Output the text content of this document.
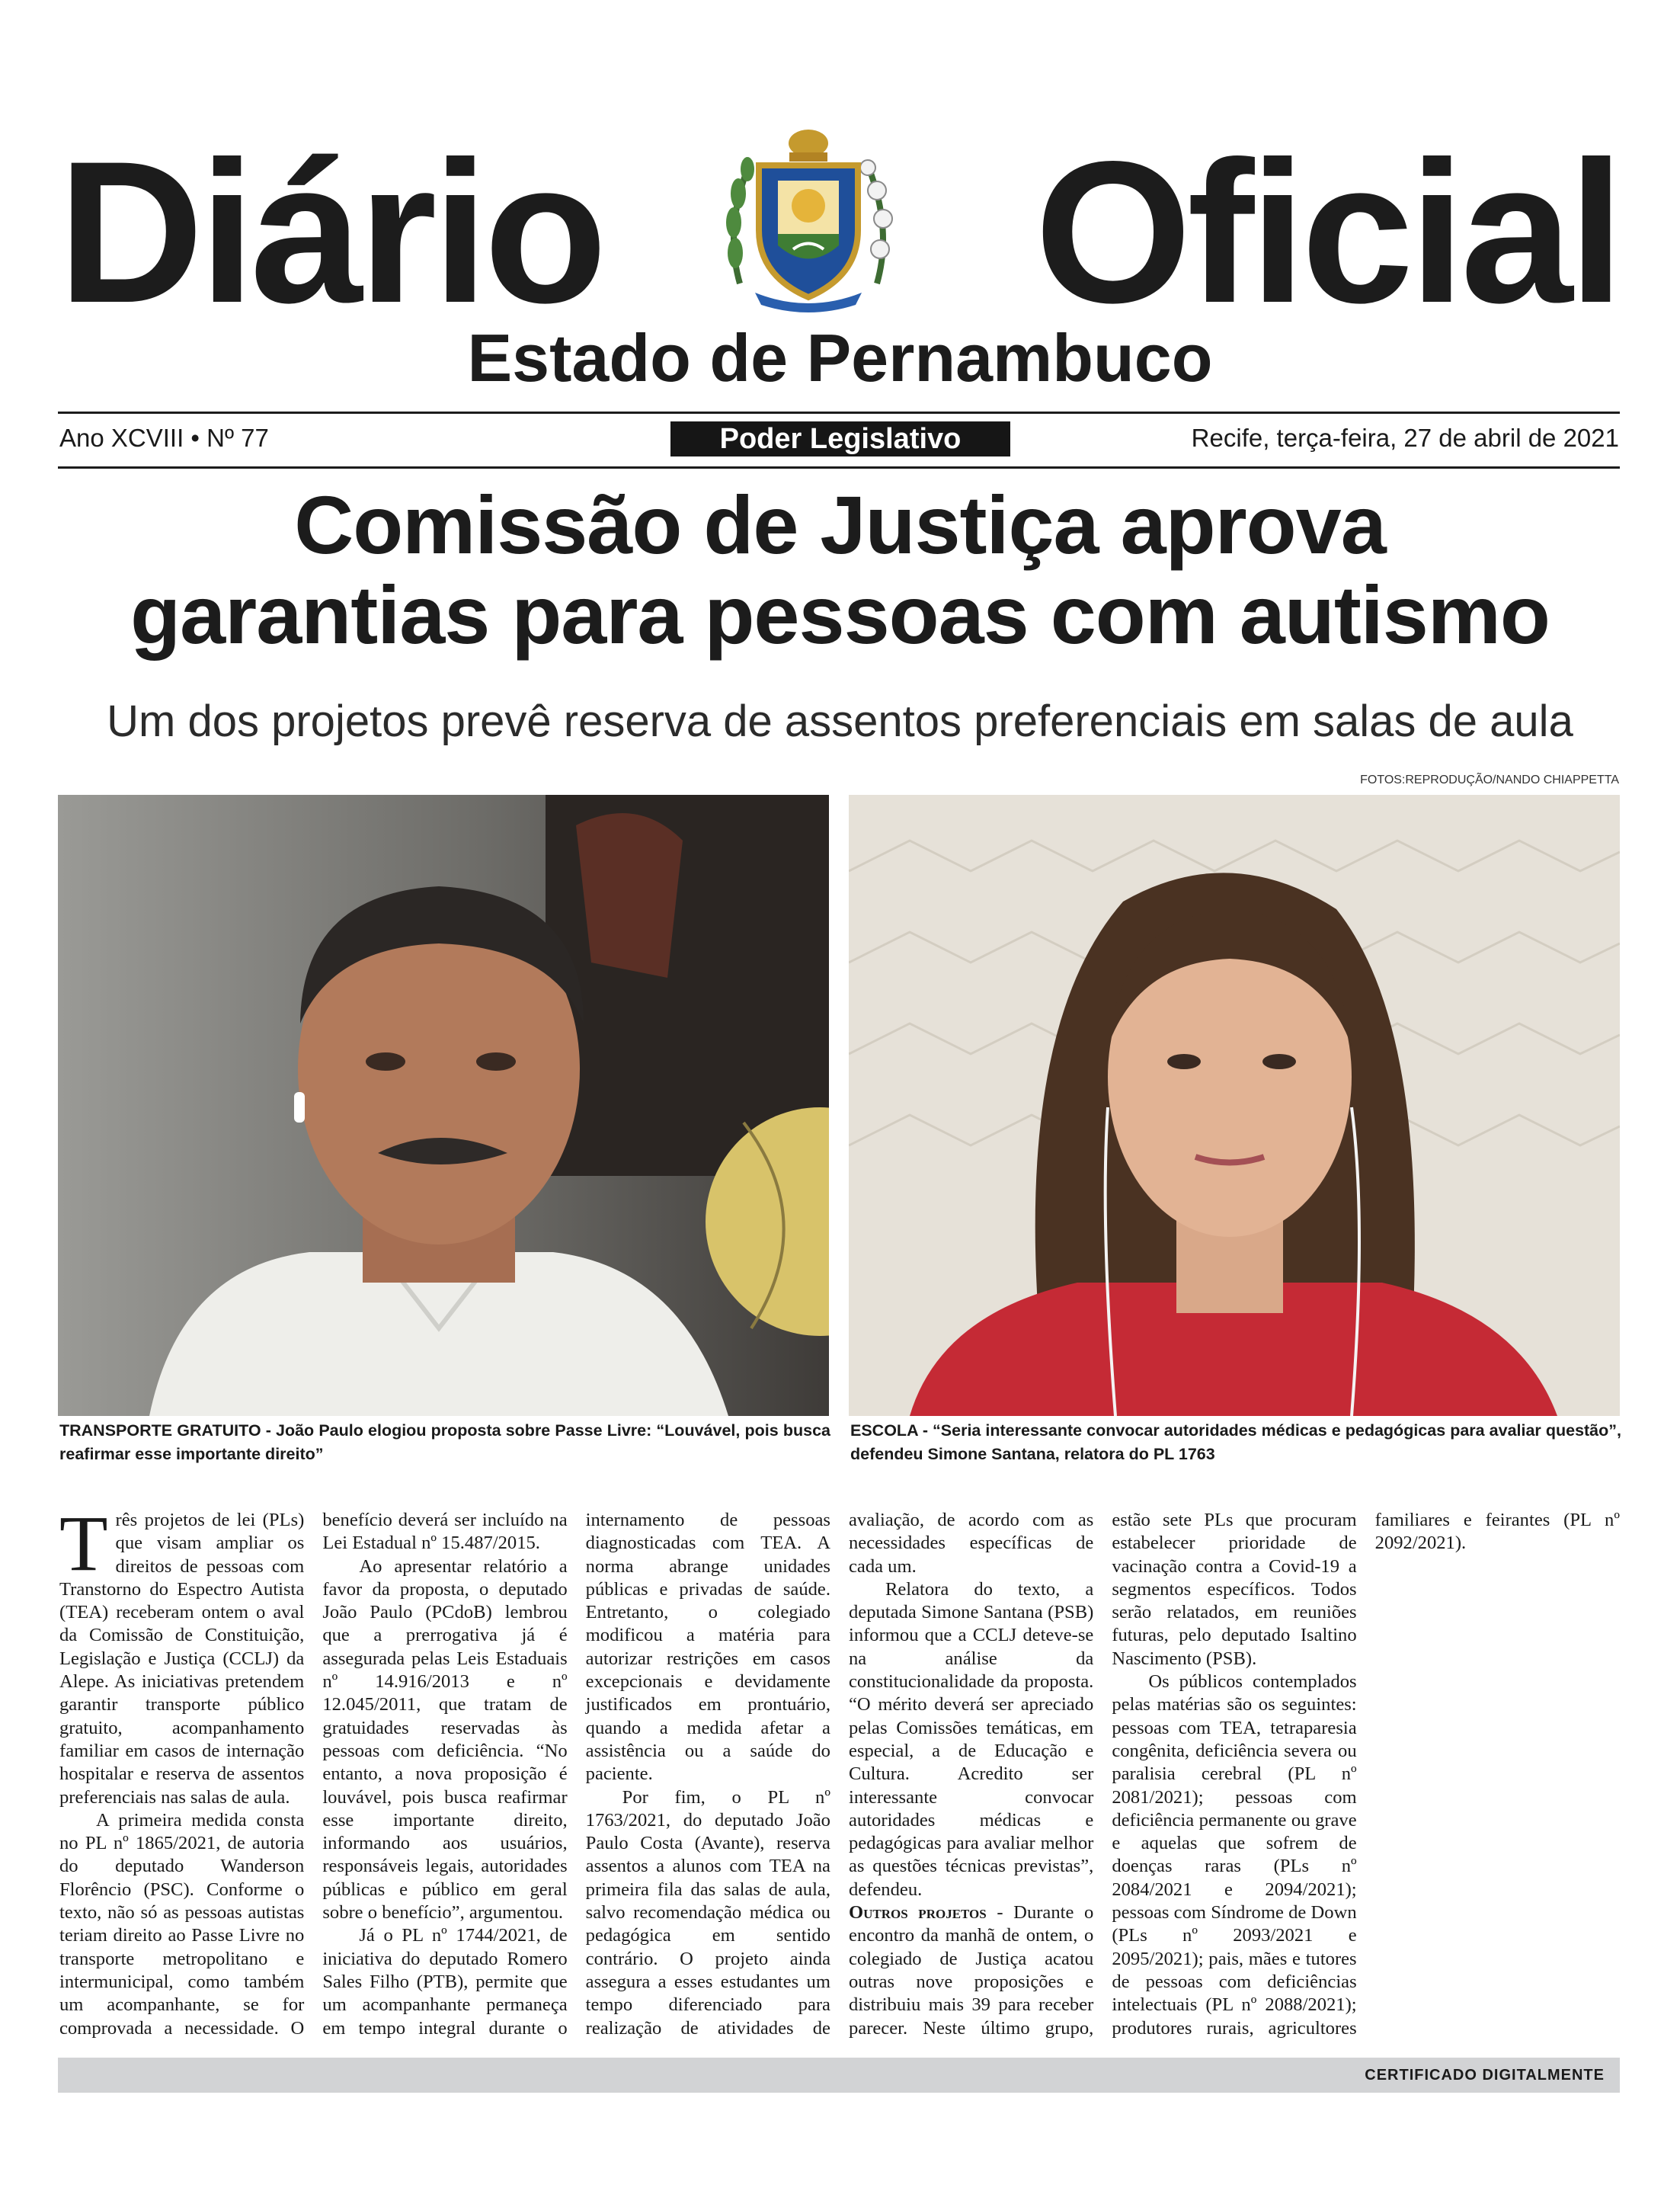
Diário Oficial
Estado de Pernambuco
Ano XCVIII • Nº 77	Poder Legislativo	Recife, terça-feira, 27 de abril de 2021
Comissão de Justiça aprova
garantias para pessoas com autismo
Um dos projetos prevê reserva de assentos preferenciais em salas de aula
FOTOS:REPRODUÇÃO/NANDO CHIAPPETTA
TRANSPORTE GRATUITO - João Paulo elogiou proposta sobre Passe Livre: “Louvável, pois busca reafirmar esse importante direito”
ESCOLA - “Seria interessante convocar autoridades médicas e pedagógicas para avaliar questão”, defendeu Simone Santana, relatora do PL 1763

Três projetos de lei (PLs) que visam ampliar os direitos de pessoas com Transtorno do Espectro Autista (TEA) receberam ontem o aval da Comissão de Constituição, Legislação e Justiça (CCLJ) da Alepe. As iniciativas pretendem garantir transporte público gratuito, acompanhamento familiar em casos de internação hospitalar e reserva de assentos preferenciais nas salas de aula.

A primeira medida consta no PL nº 1865/2021, de autoria do deputado Wanderson Florêncio (PSC). Conforme o texto, não só as pessoas autistas teriam direito ao Passe Livre no transporte metropolitano e intermunicipal, como também um acompanhante, se for comprovada a necessidade. O benefício deverá ser incluído na Lei Estadual nº 15.487/2015.

Ao apresentar relatório a favor da proposta, o deputado João Paulo (PCdoB) lembrou que a prerrogativa já é assegurada pelas Leis Estaduais nº 14.916/2013 e nº 12.045/2011, que tratam de gratuidades reservadas às pessoas com deficiência. “No entanto, a nova proposição é louvável, pois busca reafirmar esse importante direito, informando aos usuários, responsáveis legais, autoridades públicas e público em geral sobre o benefício”, argumentou.

Já o PL nº 1744/2021, de iniciativa do deputado Romero Sales Filho (PTB), permite que um acompanhante permaneça em tempo integral durante o internamento de pessoas diagnosticadas com TEA. A norma abrange unidades públicas e privadas de saúde. Entretanto, o colegiado modificou a matéria para autorizar restrições em casos excepcionais e devidamente justificados em prontuário, quando a medida afetar a assistência ou a saúde do paciente.

Por fim, o PL nº 1763/2021, do deputado João Paulo Costa (Avante), reserva assentos a alunos com TEA na primeira fila das salas de aula, salvo recomendação médica ou pedagógica em sentido contrário. O projeto ainda assegura a esses estudantes um tempo diferenciado para realização de atividades de avaliação, de acordo com as necessidades específicas de cada um.

Relatora do texto, a deputada Simone Santana (PSB) informou que a CCLJ deteve-se na análise da constitucionalidade da proposta. “O mérito deverá ser apreciado pelas Comissões temáticas, em especial, a de Educação e Cultura. Acredito ser interessante convocar autoridades médicas e pedagógicas para avaliar melhor as questões técnicas previstas”, defendeu.

Outros projetos - Durante o encontro da manhã de ontem, o colegiado de Justiça acatou outras nove proposições e distribuiu mais 39 para receber parecer. Neste último grupo, estão sete PLs que procuram estabelecer prioridade de vacinação contra a Covid-19 a segmentos específicos. Todos serão relatados, em reuniões futuras, pelo deputado Isaltino Nascimento (PSB).

Os públicos contemplados pelas matérias são os seguintes: pessoas com TEA, tetraparesia congênita, deficiência severa ou paralisia cerebral (PL nº 2081/2021); pessoas com deficiência permanente ou grave e aquelas que sofrem de doenças raras (PLs nº 2084/2021 e 2094/2021); pessoas com Síndrome de Down (PLs nº 2093/2021 e 2095/2021); pais, mães e tutores de pessoas com deficiências intelectuais (PL nº 2088/2021); produtores rurais, agricultores familiares e feirantes (PL nº 2092/2021).

CERTIFICADO DIGITALMENTE
